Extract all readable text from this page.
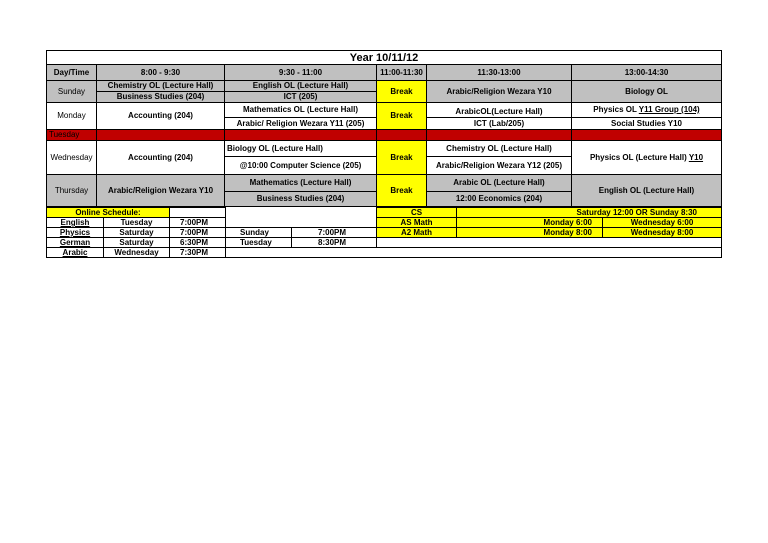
Year 10/11/12					
Day/Time	8:00 - 9:30	9:30 - 11:00	11:00-11:30	11:30-13:00	13:00-14:30
Sunday	Chemistry OL (Lecture Hall)	English OL (Lecture Hall)	Break	Arabic/Religion Wezara Y10	Biology OL
	Business Studies (204)	ICT (205)			
Monday	Accounting (204)	Mathematics OL (Lecture Hall)	Break	ArabicOL(Lecture Hall)	Physics OL Y11 Group (104)
		Arabic/ Religion Wezara Y11 (205)		ICT (Lab/205)	Social Studies Y10
Tuesday					
Wednesday	Accounting (204)	Biology OL (Lecture Hall)	Break	Chemistry OL (Lecture Hall)	Physics OL (Lecture Hall) Y10
		@10:00 Computer Science (205)		Arabic/Religion Wezara Y12 (205)	
Thursday	Arabic/Religion Wezara Y10	Mathematics (Lecture Hall)	Break	Arabic OL (Lecture Hall)	English OL (Lecture Hall)
		Business Studies (204)		12:00 Economics (204)	
Online Schedule:					CS	Saturday 12:00 OR Sunday 8:30	
English	Tuesday	7:00PM			AS Math	Monday 6:00	Wednesday 6:00
Physics	Saturday	7:00PM	Sunday	7:00PM	A2 Math	Monday 8:00	Wednesday 8:00
German	Saturday	6:30PM	Tuesday	8:30PM			
Arabic	Wednesday	7:30PM					
